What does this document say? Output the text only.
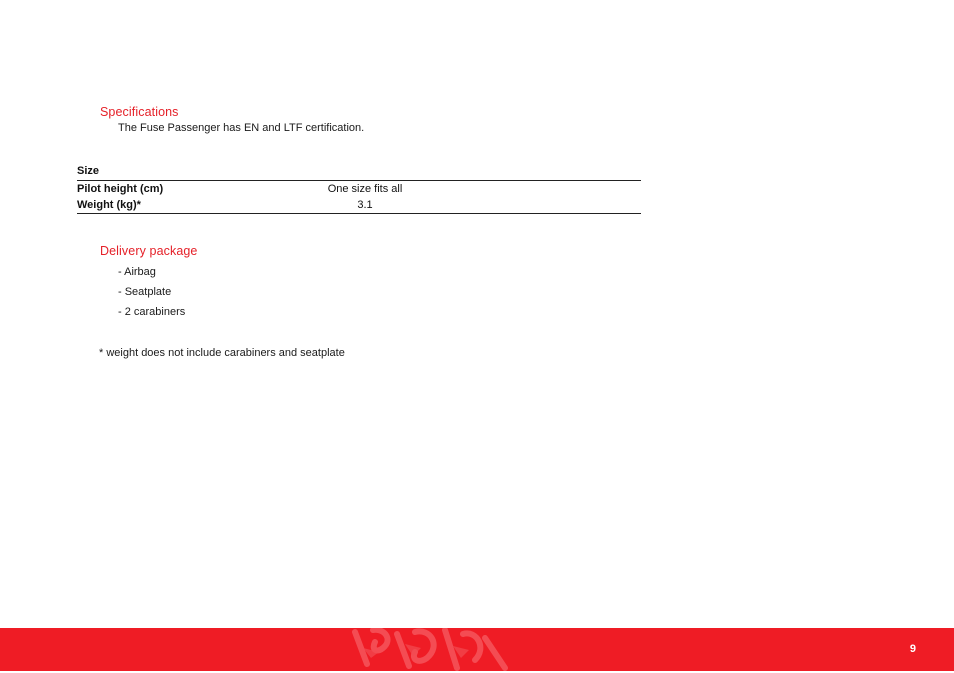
Specifications

The Fuse Passenger has EN and LTF certification.

Size		
Pilot height (cm)	One size fits all	
Weight (kg)*	3.1	
Delivery package
- Airbag
- Seatplate
- 2 carabiners

* weight does not include carabiners and seatplate

9
